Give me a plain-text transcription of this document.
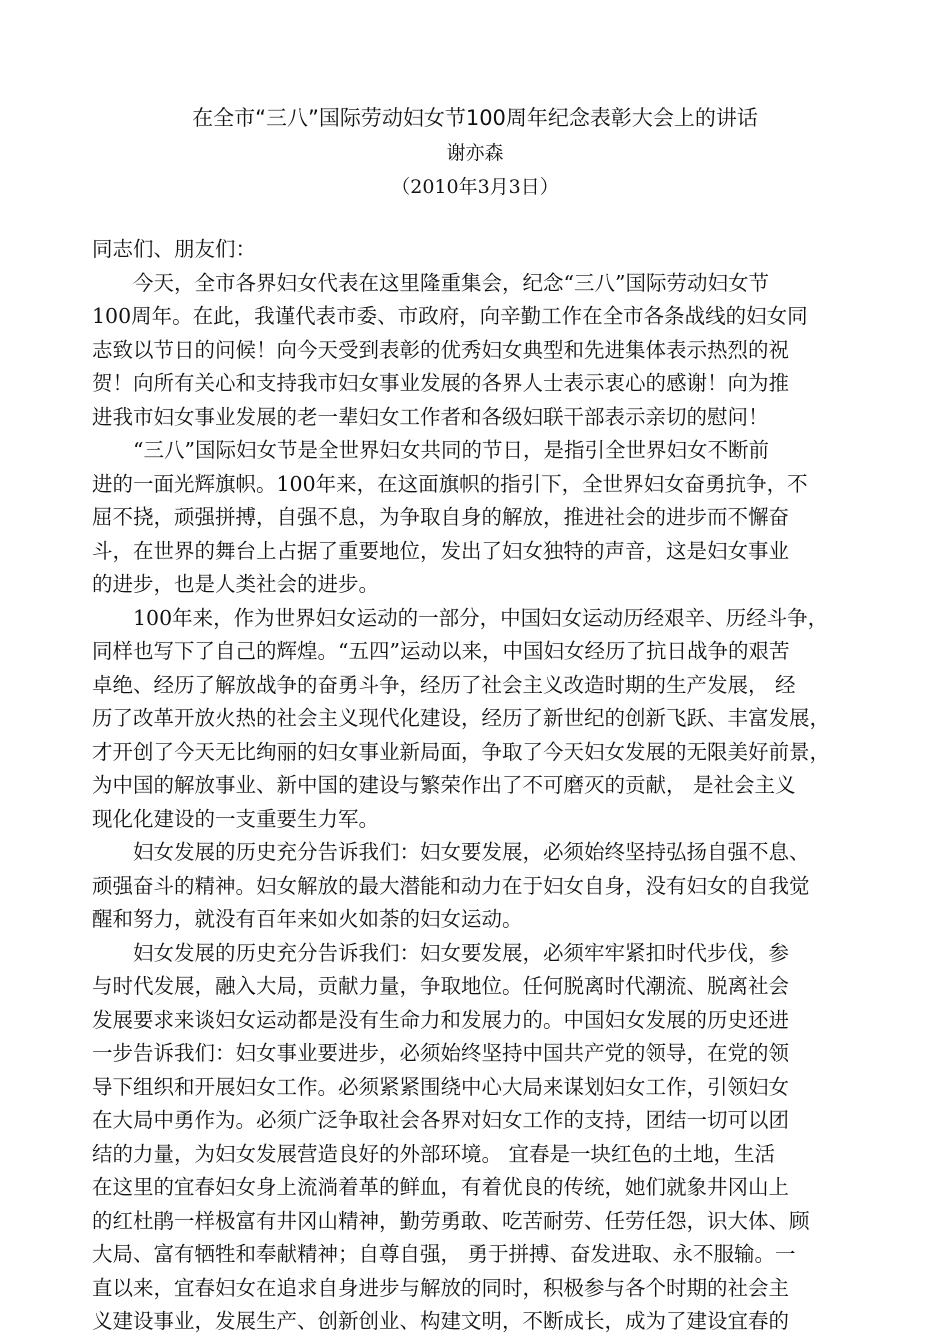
在全市“三八”国际劳动妇女节100周年纪念表彰大会上的讲话
谢亦森
（2010年3月3日）

同志们、朋友们：

今天，全市各界妇女代表在这里隆重集会，纪念“三八”国际劳动妇女节
100周年。在此，我谨代表市委、市政府，向辛勤工作在全市各条战线的妇女同
志致以节日的问候！向今天受到表彰的优秀妇女典型和先进集体表示热烈的祝
贺！向所有关心和支持我市妇女事业发展的各界人士表示衷心的感谢！向为推
进我市妇女事业发展的老一辈妇女工作者和各级妇联干部表示亲切的慰问！

“三八”国际妇女节是全世界妇女共同的节日，是指引全世界妇女不断前
进的一面光辉旗帜。100年来，在这面旗帜的指引下，全世界妇女奋勇抗争，不
屈不挠，顽强拼搏，自强不息，为争取自身的解放，推进社会的进步而不懈奋
斗，在世界的舞台上占据了重要地位，发出了妇女独特的声音，这是妇女事业
的进步，也是人类社会的进步。

100年来，作为世界妇女运动的一部分，中国妇女运动历经艰辛、历经斗争，
同样也写下了自己的辉煌。“五四”运动以来，中国妇女经历了抗日战争的艰苦
卓绝、经历了解放战争的奋勇斗争，经历了社会主义改造时期的生产发展， 经
历了改革开放火热的社会主义现代化建设，经历了新世纪的创新飞跃、丰富发展，
才开创了今天无比绚丽的妇女事业新局面，争取了今天妇女发展的无限美好前景，
为中国的解放事业、新中国的建设与繁荣作出了不可磨灭的贡献， 是社会主义
现化化建设的一支重要生力军。

妇女发展的历史充分告诉我们：妇女要发展，必须始终坚持弘扬自强不息、
顽强奋斗的精神。妇女解放的最大潜能和动力在于妇女自身，没有妇女的自我觉
醒和努力，就没有百年来如火如荼的妇女运动。

妇女发展的历史充分告诉我们：妇女要发展，必须牢牢紧扣时代步伐，参
与时代发展，融入大局，贡献力量，争取地位。任何脱离时代潮流、脱离社会
发展要求来谈妇女运动都是没有生命力和发展力的。中国妇女发展的历史还进
一步告诉我们：妇女事业要进步，必须始终坚持中国共产党的领导，在党的领
导下组织和开展妇女工作。必须紧紧围绕中心大局来谋划妇女工作，引领妇女
在大局中勇作为。必须广泛争取社会各界对妇女工作的支持，团结一切可以团
结的力量，为妇女发展营造良好的外部环境。 宜春是一块红色的土地，生活
在这里的宜春妇女身上流淌着革的鲜血，有着优良的传统，她们就象井冈山上
的红杜鹃一样极富有井冈山精神，勤劳勇敢、吃苦耐劳、任劳任怨，识大体、顾
大局、富有牺牲和奉献精神；自尊自强， 勇于拼搏、奋发进取、永不服输。一
直以来，宜春妇女在追求自身进步与解放的同时，积极参与各个时期的社会主
义建设事业，发展生产、创新创业、构建文明，不断成长，成为了建设宜春的
